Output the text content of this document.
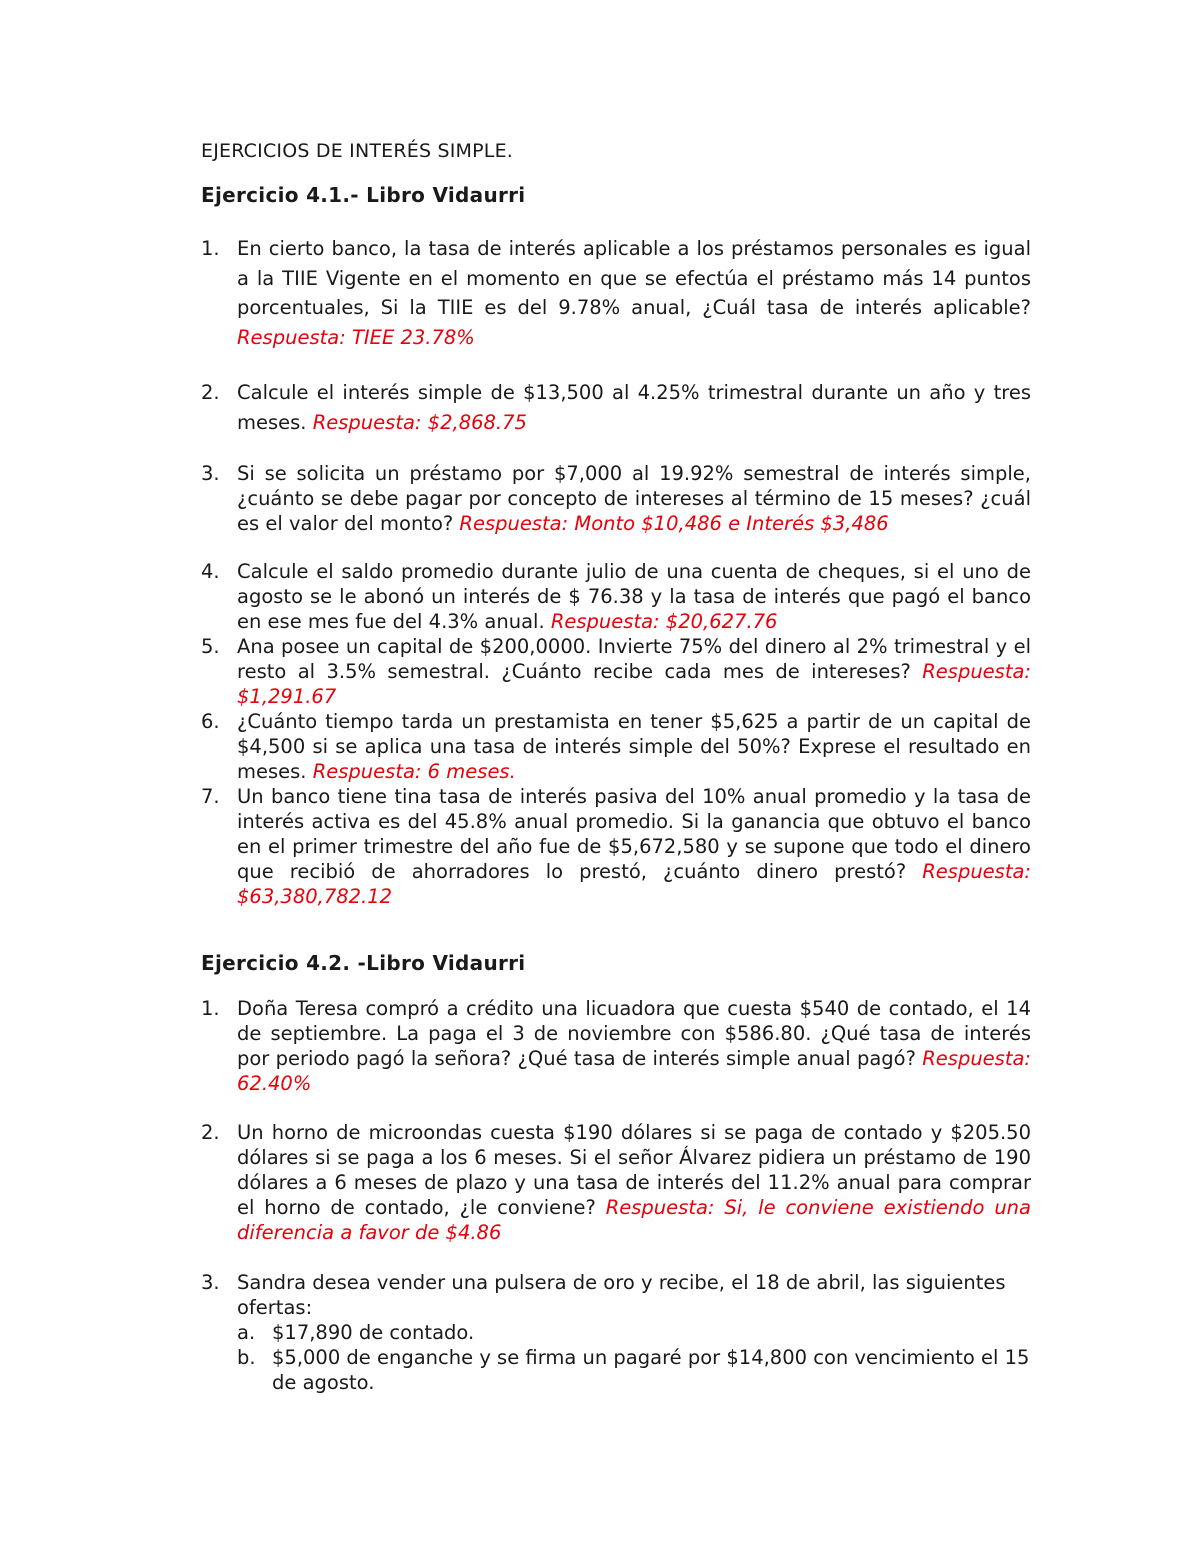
EJERCICIOS DE INTERÉS SIMPLE.
Ejercicio 4.1.- Libro Vidaurri
1. En cierto banco, la tasa de interés aplicable a los préstamos personales es igual a la TIIE Vigente en el momento en que se efectúa el préstamo más 14 puntos porcentuales, Si la TIIE es del 9.78% anual, ¿Cuál tasa de interés aplicable? Respuesta: TIEE 23.78%
2. Calcule el interés simple de $13,500 al 4.25% trimestral durante un año y tres meses. Respuesta: $2,868.75
3. Si se solicita un préstamo por $7,000 al 19.92% semestral de interés simple, ¿cuánto se debe pagar por concepto de intereses al término de 15 meses? ¿cuál es el valor del monto? Respuesta: Monto $10,486 e Interés $3,486
4. Calcule el saldo promedio durante julio de una cuenta de cheques, si el uno de agosto se le abonó un interés de $ 76.38 y la tasa de interés que pagó el banco en ese mes fue del 4.3% anual. Respuesta: $20,627.76
5. Ana posee un capital de $200,0000. Invierte 75% del dinero al 2% trimestral y el resto al 3.5% semestral. ¿Cuánto recibe cada mes de intereses? Respuesta: $1,291.67
6. ¿Cuánto tiempo tarda un prestamista en tener $5,625 a partir de un capital de $4,500 si se aplica una tasa de interés simple del 50%? Exprese el resultado en meses. Respuesta: 6 meses.
7. Un banco tiene tina tasa de interés pasiva del 10% anual promedio y la tasa de interés activa es del 45.8% anual promedio. Si la ganancia que obtuvo el banco en el primer trimestre del año fue de $5,672,580 y se supone que todo el dinero que recibió de ahorradores lo prestó, ¿cuánto dinero prestó? Respuesta: $63,380,782.12
Ejercicio 4.2. -Libro Vidaurri
1. Doña Teresa compró a crédito una licuadora que cuesta $540 de contado, el 14 de septiembre. La paga el 3 de noviembre con $586.80. ¿Qué tasa de interés por periodo pagó la señora? ¿Qué tasa de interés simple anual pagó? Respuesta: 62.40%
2. Un horno de microondas cuesta $190 dólares si se paga de contado y $205.50 dólares si se paga a los 6 meses. Si el señor Álvarez pidiera un préstamo de 190 dólares a 6 meses de plazo y una tasa de interés del 11.2% anual para comprar el horno de contado, ¿le conviene? Respuesta: Si, le conviene existiendo una diferencia a favor de $4.86
3. Sandra desea vender una pulsera de oro y recibe, el 18 de abril, las siguientes ofertas:
a. $17,890 de contado.
b. $5,000 de enganche y se firma un pagaré por $14,800 con vencimiento el 15 de agosto.
